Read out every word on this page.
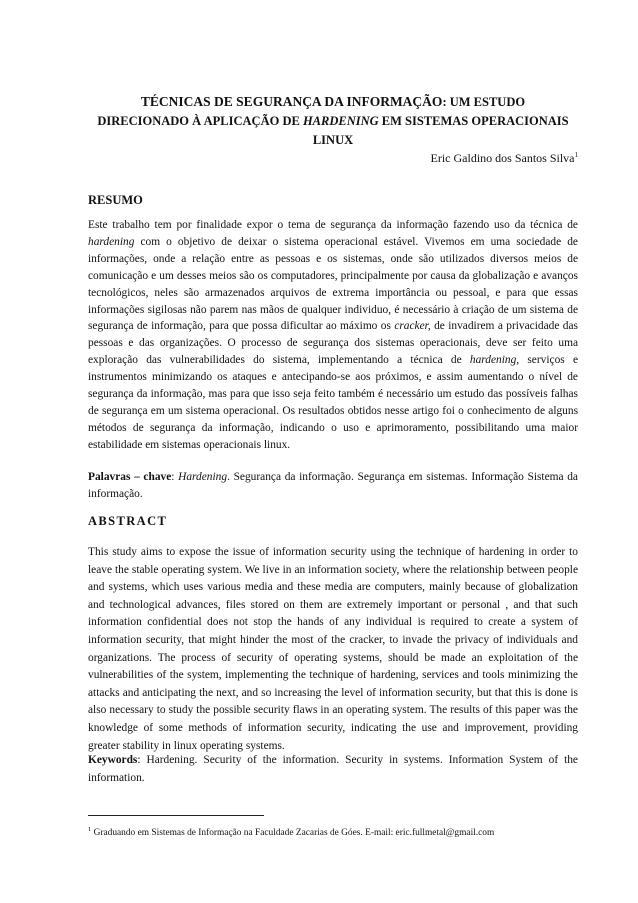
TÉCNICAS DE SEGURANÇA DA INFORMAÇÃO: UM ESTUDO
DIRECIONADO À APLICAÇÃO DE HARDENING EM SISTEMAS OPERACIONAIS
LINUX
Eric Galdino dos Santos Silva$^1$
RESUMO
Este trabalho tem por finalidade expor o tema de segurança da informação fazendo uso da técnica de hardening com o objetivo de deixar o sistema operacional estável. Vivemos em uma sociedade de informações, onde a relação entre as pessoas e os sistemas, onde são utilizados diversos meios de comunicação e um desses meios são os computadores, principalmente por causa da globalização e avanços tecnológicos, neles são armazenados arquivos de extrema importância ou pessoal, e para que essas informações sigilosas não parem nas mãos de qualquer individuo, é necessário à criação de um sistema de segurança de informação, para que possa dificultar ao máximo os cracker, de invadirem a privacidade das pessoas e das organizações. O processo de segurança dos sistemas operacionais, deve ser feito uma exploração das vulnerabilidades do sistema, implementando a técnica de hardening, serviços e instrumentos minimizando os ataques e antecipando-se aos próximos, e assim aumentando o nível de segurança da informação, mas para que isso seja feito também é necessário um estudo das possíveis falhas de segurança em um sistema operacional. Os resultados obtidos nesse artigo foi o conhecimento de alguns métodos de segurança da informação, indicando o uso e aprimoramento, possibilitando uma maior estabilidade em sistemas operacionais linux.
Palavras – chave: Hardening. Segurança da informação. Segurança em sistemas. Informação Sistema da informação.
ABSTRACT
This study aims to expose the issue of information security using the technique of hardening in order to leave the stable operating system. We live in an information society, where the relationship between people and systems, which uses various media and these media are computers, mainly because of globalization and technological advances, files stored on them are extremely important or personal , and that such information confidential does not stop the hands of any individual is required to create a system of information security, that might hinder the most of the cracker, to invade the privacy of individuals and organizations. The process of security of operating systems, should be made an exploitation of the vulnerabilities of the system, implementing the technique of hardening, services and tools minimizing the attacks and anticipating the next, and so increasing the level of information security, but that this is done is also necessary to study the possible security flaws in an operating system. The results of this paper was the knowledge of some methods of information security, indicating the use and improvement, providing greater stability in linux operating systems.
Keywords: Hardening. Security of the information. Security in systems. Information System of the information.
$^1$ Graduando em Sistemas de Informação na Faculdade Zacarias de Góes. E-mail: eric.fullmetal@gmail.com
